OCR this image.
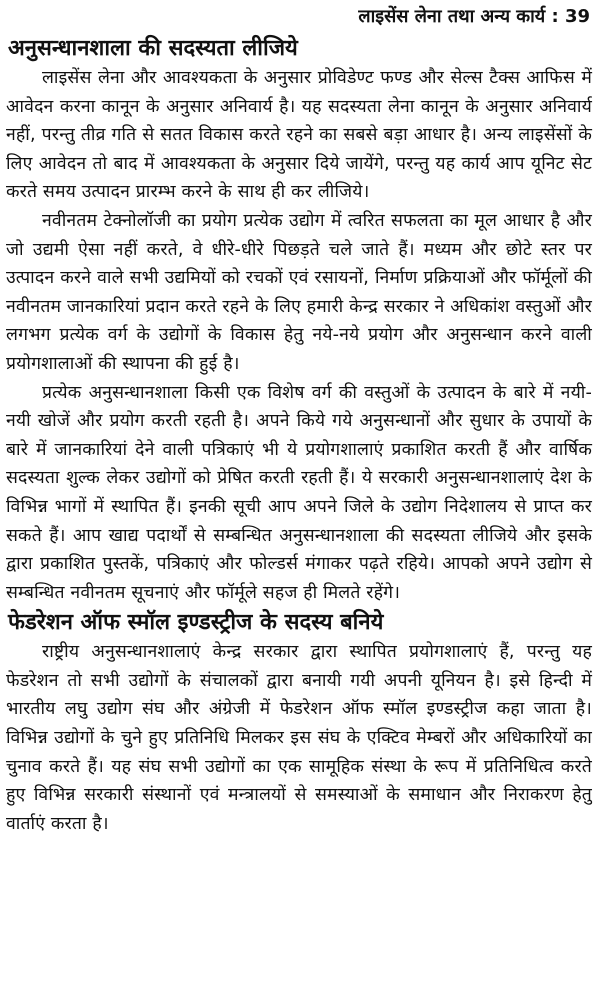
लाइसेंस लेना तथा अन्य कार्य : 39
अनुसन्धानशाला की सदस्यता लीजिये

लाइसेंस लेना और आवश्यकता के अनुसार प्रोविडेण्ट फण्ड और सेल्स टैक्स आफिस में आवेदन करना कानून के अनुसार अनिवार्य है। यह सदस्यता लेना कानून के अनुसार अनिवार्य नहीं, परन्तु तीव्र गति से सतत विकास करते रहने का सबसे बड़ा आधार है। अन्य लाइसेंसों के लिए आवेदन तो बाद में आवश्यकता के अनुसार दिये जायेंगे, परन्तु यह कार्य आप यूनिट सेट करते समय उत्पादन प्रारम्भ करने के साथ ही कर लीजिये।

नवीनतम टेक्नोलॉजी का प्रयोग प्रत्येक उद्योग में त्वरित सफलता का मूल आधार है और जो उद्यमी ऐसा नहीं करते, वे धीरे-धीरे पिछड़ते चले जाते हैं। मध्यम और छोटे स्तर पर उत्पादन करने वाले सभी उद्यमियों को रचकों एवं रसायनों, निर्माण प्रक्रियाओं और फॉर्मूलों की नवीनतम जानकारियां प्रदान करते रहने के लिए हमारी केन्द्र सरकार ने अधिकांश वस्तुओं और लगभग प्रत्येक वर्ग के उद्योगों के विकास हेतु नये-नये प्रयोग और अनुसन्धान करने वाली प्रयोगशालाओं की स्थापना की हुई है।

प्रत्येक अनुसन्धानशाला किसी एक विशेष वर्ग की वस्तुओं के उत्पादन के बारे में नयी-नयी खोजें और प्रयोग करती रहती है। अपने किये गये अनुसन्धानों और सुधार के उपायों के बारे में जानकारियां देने वाली पत्रिकाएं भी ये प्रयोगशालाएं प्रकाशित करती हैं और वार्षिक सदस्यता शुल्क लेकर उद्योगों को प्रेषित करती रहती हैं। ये सरकारी अनुसन्धानशालाएं देश के विभिन्न भागों में स्थापित हैं। इनकी सूची आप अपने जिले के उद्योग निदेशालय से प्राप्त कर सकते हैं। आप खाद्य पदार्थों से सम्बन्धित अनुसन्धानशाला की सदस्यता लीजिये और इसके द्वारा प्रकाशित पुस्तकें, पत्रिकाएं और फोल्डर्स मंगाकर पढ़ते रहिये। आपको अपने उद्योग से सम्बन्धित नवीनतम सूचनाएं और फॉर्मूले सहज ही मिलते रहेंगे।

फेडरेशन ऑफ स्मॉल इण्डस्ट्रीज के सदस्य बनिये

राष्ट्रीय अनुसन्धानशालाएं केन्द्र सरकार द्वारा स्थापित प्रयोगशालाएं हैं, परन्तु यह फेडरेशन तो सभी उद्योगों के संचालकों द्वारा बनायी गयी अपनी यूनियन है। इसे हिन्दी में भारतीय लघु उद्योग संघ और अंग्रेजी में फेडरेशन ऑफ स्मॉल इण्डस्ट्रीज कहा जाता है। विभिन्न उद्योगों के चुने हुए प्रतिनिधि मिलकर इस संघ के एक्टिव मेम्बरों और अधिकारियों का चुनाव करते हैं। यह संघ सभी उद्योगों का एक सामूहिक संस्था के रूप में प्रतिनिधित्व करते हुए विभिन्न सरकारी संस्थानों एवं मन्त्रालयों से समस्याओं के समाधान और निराकरण हेतु वार्ताएं करता है।
